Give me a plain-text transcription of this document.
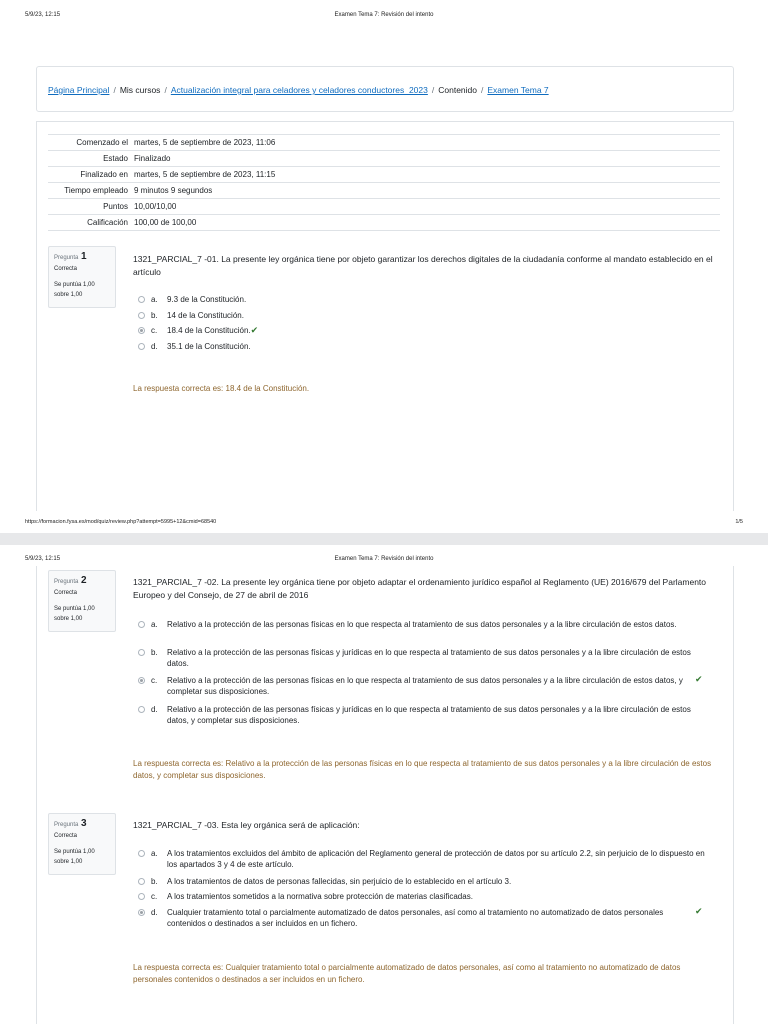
5/9/23, 12:15	Examen Tema 7: Revisión del intento
Página Principal / Mis cursos / Actualización integral para celadores y celadores conductores_2023 / Contenido / Examen Tema 7
Comenzado el	martes, 5 de septiembre de 2023, 11:06
Estado	Finalizado
Finalizado en	martes, 5 de septiembre de 2023, 11:15
Tiempo empleado	9 minutos 9 segundos
Puntos	10,00/10,00
Calificación	100,00 de 100,00
Pregunta 1
Correcta
Se puntúa 1,00 sobre 1,00
1321_PARCIAL_7 -01. La presente ley orgánica tiene por objeto garantizar los derechos digitales de la ciudadanía conforme al mandato establecido en el artículo
a. 9.3 de la Constitución.
b. 14 de la Constitución.
c. 18.4 de la Constitución.✔
d. 35.1 de la Constitución.
La respuesta correcta es: 18.4 de la Constitución.
https://formacion.fysa.es/mod/quiz/review.php?attempt=5995+12&cmid=68540	1/5
5/9/23, 12:15	Examen Tema 7: Revisión del intento
Pregunta 2
Correcta
Se puntúa 1,00 sobre 1,00
1321_PARCIAL_7 -02. La presente ley orgánica tiene por objeto adaptar el ordenamiento jurídico español al Reglamento (UE) 2016/679 del Parlamento Europeo y del Consejo, de 27 de abril de 2016
a. Relativo a la protección de las personas físicas en lo que respecta al tratamiento de sus datos personales y a la libre circulación de estos datos.
b. Relativo a la protección de las personas físicas y jurídicas en lo que respecta al tratamiento de sus datos personales y a la libre circulación de estos datos.
c. Relativo a la protección de las personas físicas en lo que respecta al tratamiento de sus datos personales y a la libre circulación de estos datos, y completar sus disposiciones.
✔
d. Relativo a la protección de las personas físicas y jurídicas en lo que respecta al tratamiento de sus datos personales y a la libre circulación de estos datos, y completar sus disposiciones.
La respuesta correcta es: Relativo a la protección de las personas físicas en lo que respecta al tratamiento de sus datos personales y a la libre circulación de estos datos, y completar sus disposiciones.
Pregunta 3
Correcta
Se puntúa 1,00 sobre 1,00
1321_PARCIAL_7 -03. Esta ley orgánica será de aplicación:
a. A los tratamientos excluidos del ámbito de aplicación del Reglamento general de protección de datos por su artículo 2.2, sin perjuicio de lo dispuesto en los apartados 3 y 4 de este artículo.
b. A los tratamientos de datos de personas fallecidas, sin perjuicio de lo establecido en el artículo 3.
c. A los tratamientos sometidos a la normativa sobre protección de materias clasificadas.
d. Cualquier tratamiento total o parcialmente automatizado de datos personales, así como al tratamiento no automatizado de datos personales contenidos o destinados a ser incluidos en un fichero.
✔
La respuesta correcta es: Cualquier tratamiento total o parcialmente automatizado de datos personales, así como al tratamiento no automatizado de datos personales contenidos o destinados a ser incluidos en un fichero.
